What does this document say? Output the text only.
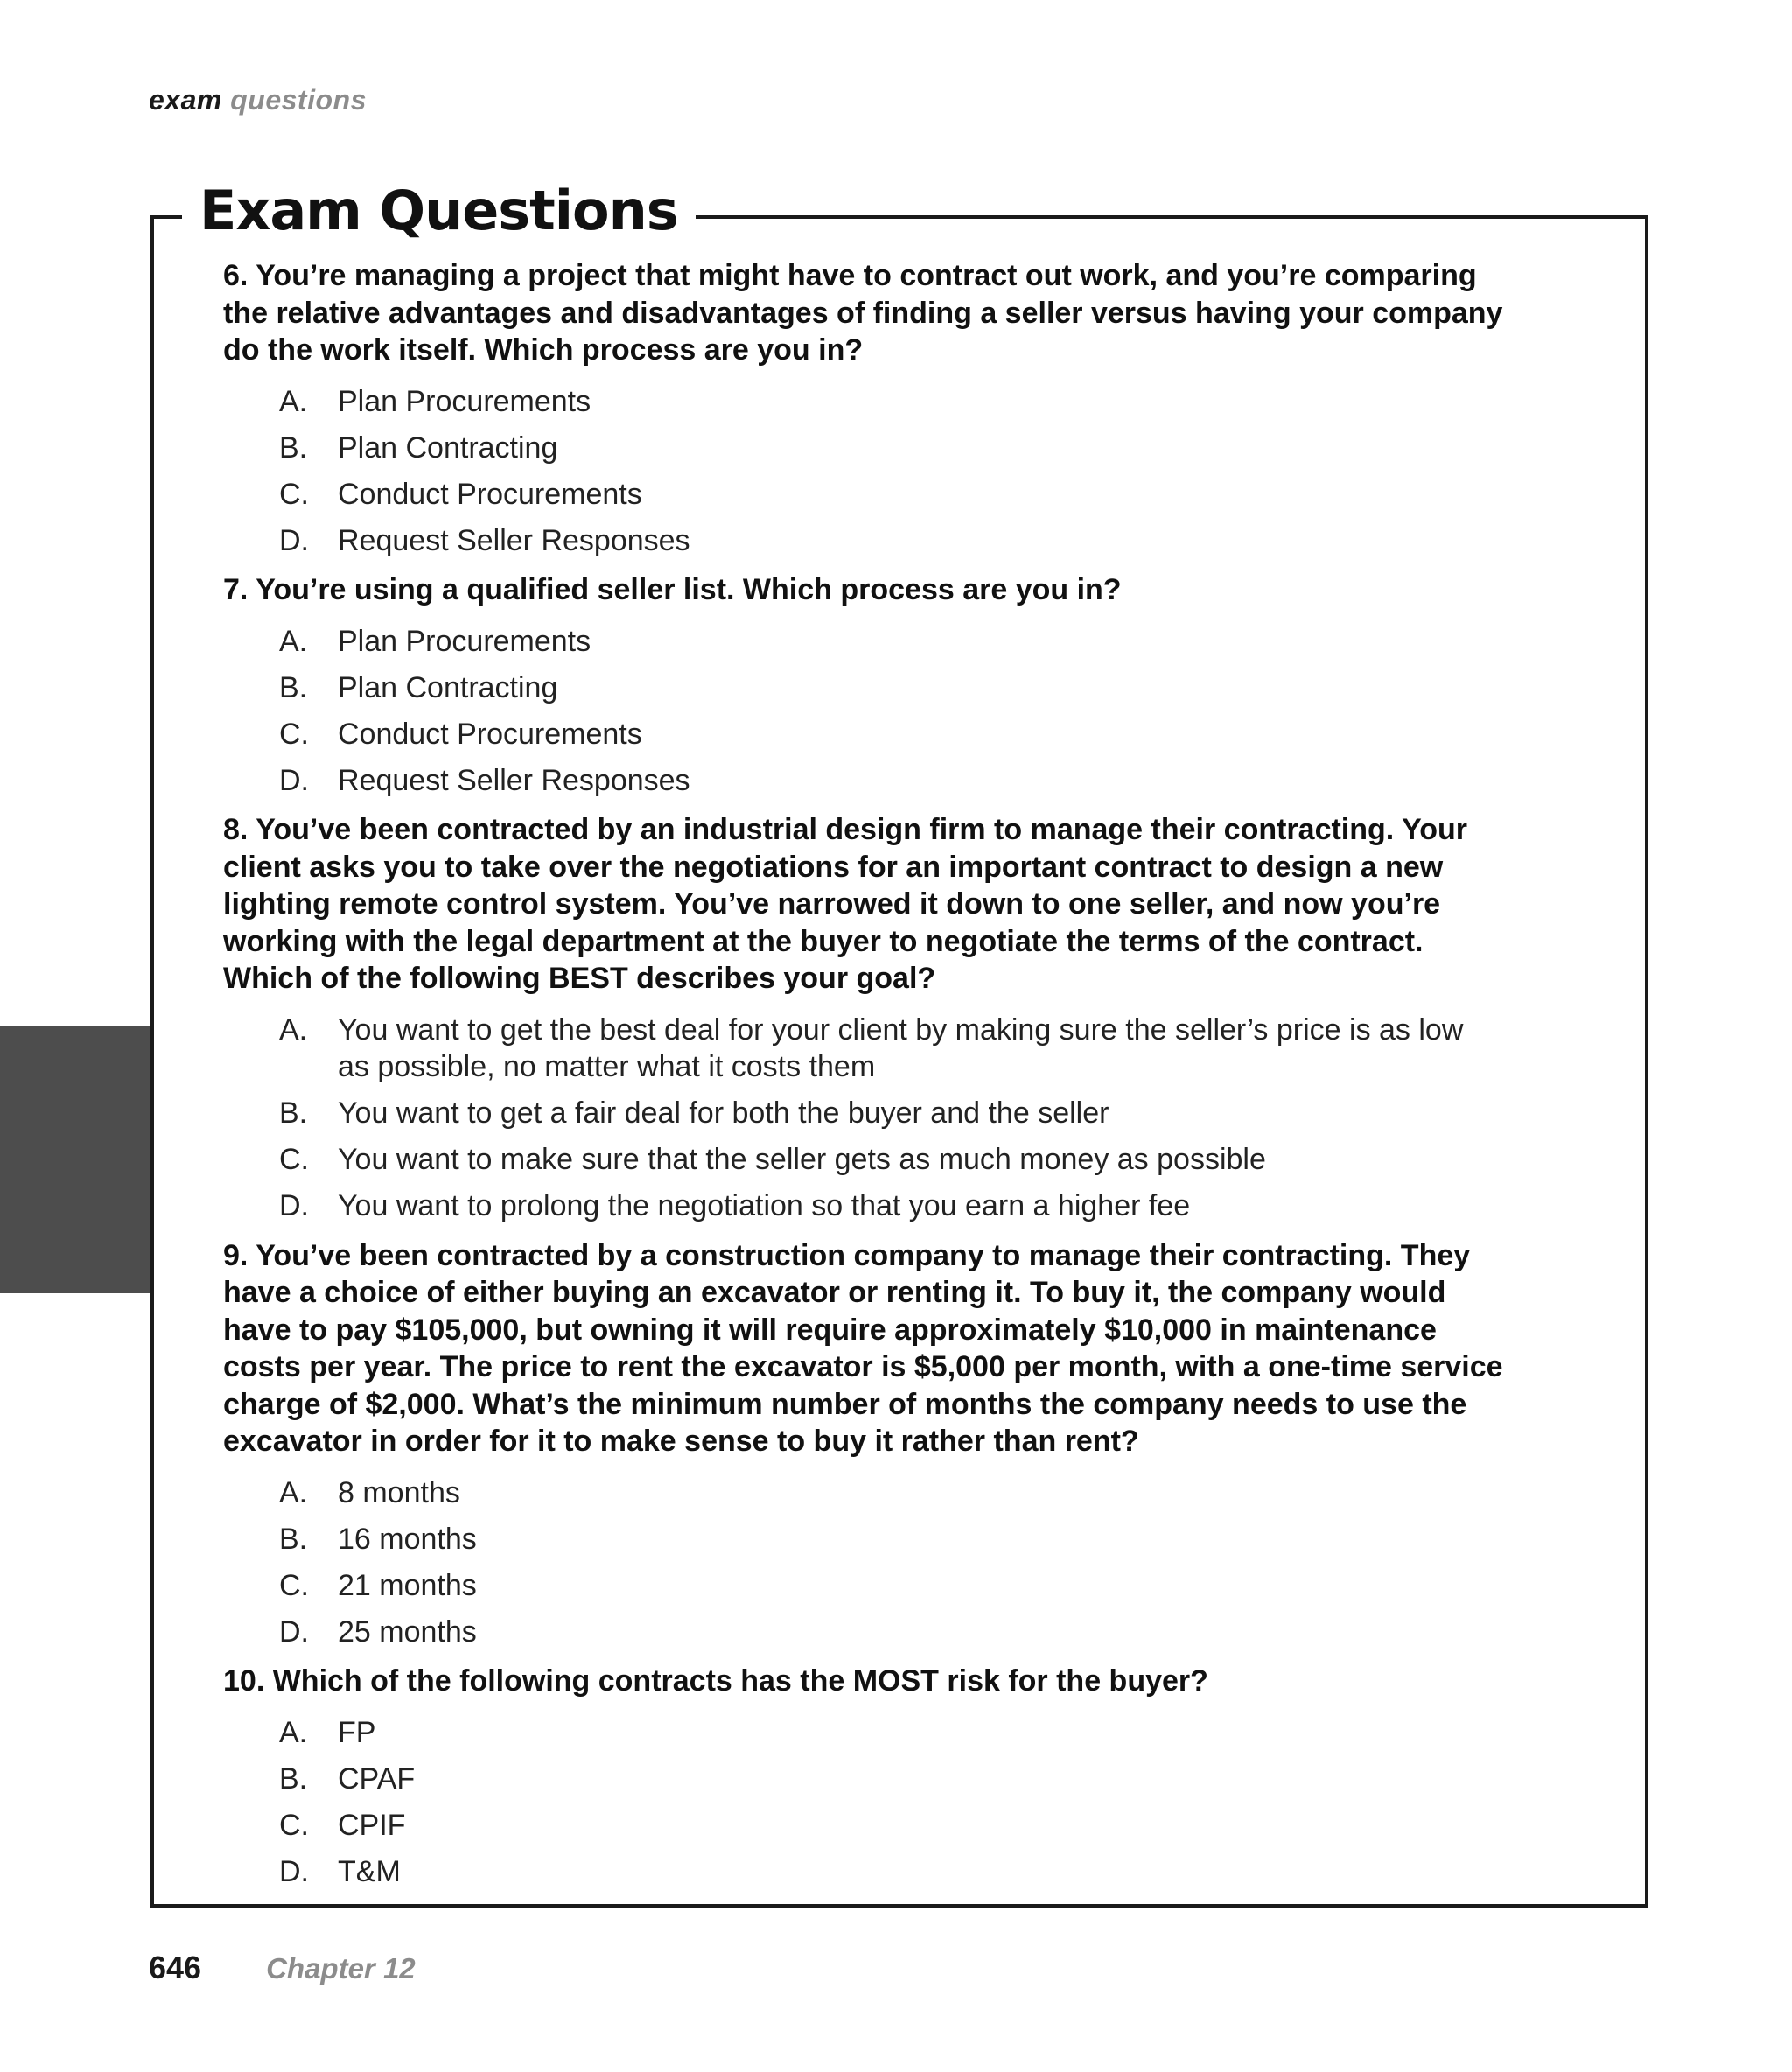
exam questions
Exam Questions

6. You’re managing a project that might have to contract out work, and you’re comparing the relative advantages and disadvantages of finding a seller versus having your company do the work itself. Which process are you in?

A.	Plan Procurements
B.	Plan Contracting
C. Conduct Procurements
D. Request Seller Responses

7. You’re using a qualified seller list. Which process are you in?

A.	Plan Procurements
B.	Plan Contracting
C. Conduct Procurements
D. Request Seller Responses

8. You’ve been contracted by an industrial design firm to manage their contracting. Your client asks you to take over the negotiations for an important contract to design a new lighting remote control system. You’ve narrowed it down to one seller, and now you’re working with the legal department at the buyer to negotiate the terms of the contract. Which of the following BEST describes your goal?

A.	You want to get the best deal for your client by making sure the seller’s price is as low as possible, no matter what it costs them
B.	You want to get a fair deal for both the buyer and the seller
C. You want to make sure that the seller gets as much money as possible
D. You want to prolong the negotiation so that you earn a higher fee

9. You’ve been contracted by a construction company to manage their contracting. They have a choice of either buying an excavator or renting it. To buy it, the company would have to pay $105,000, but owning it will require approximately $10,000 in maintenance costs per year. The price to rent the excavator is $5,000 per month, with a one-time service charge of $2,000. What’s the minimum number of months the company needs to use the excavator in order for it to make sense to buy it rather than rent?

A.	8 months
B.	16 months
C. 21 months
D. 25 months

10. Which of the following contracts has the MOST risk for the buyer?

A.	FP
B.	CPAF
C. CPIF
D. T&M
646 Chapter 12
